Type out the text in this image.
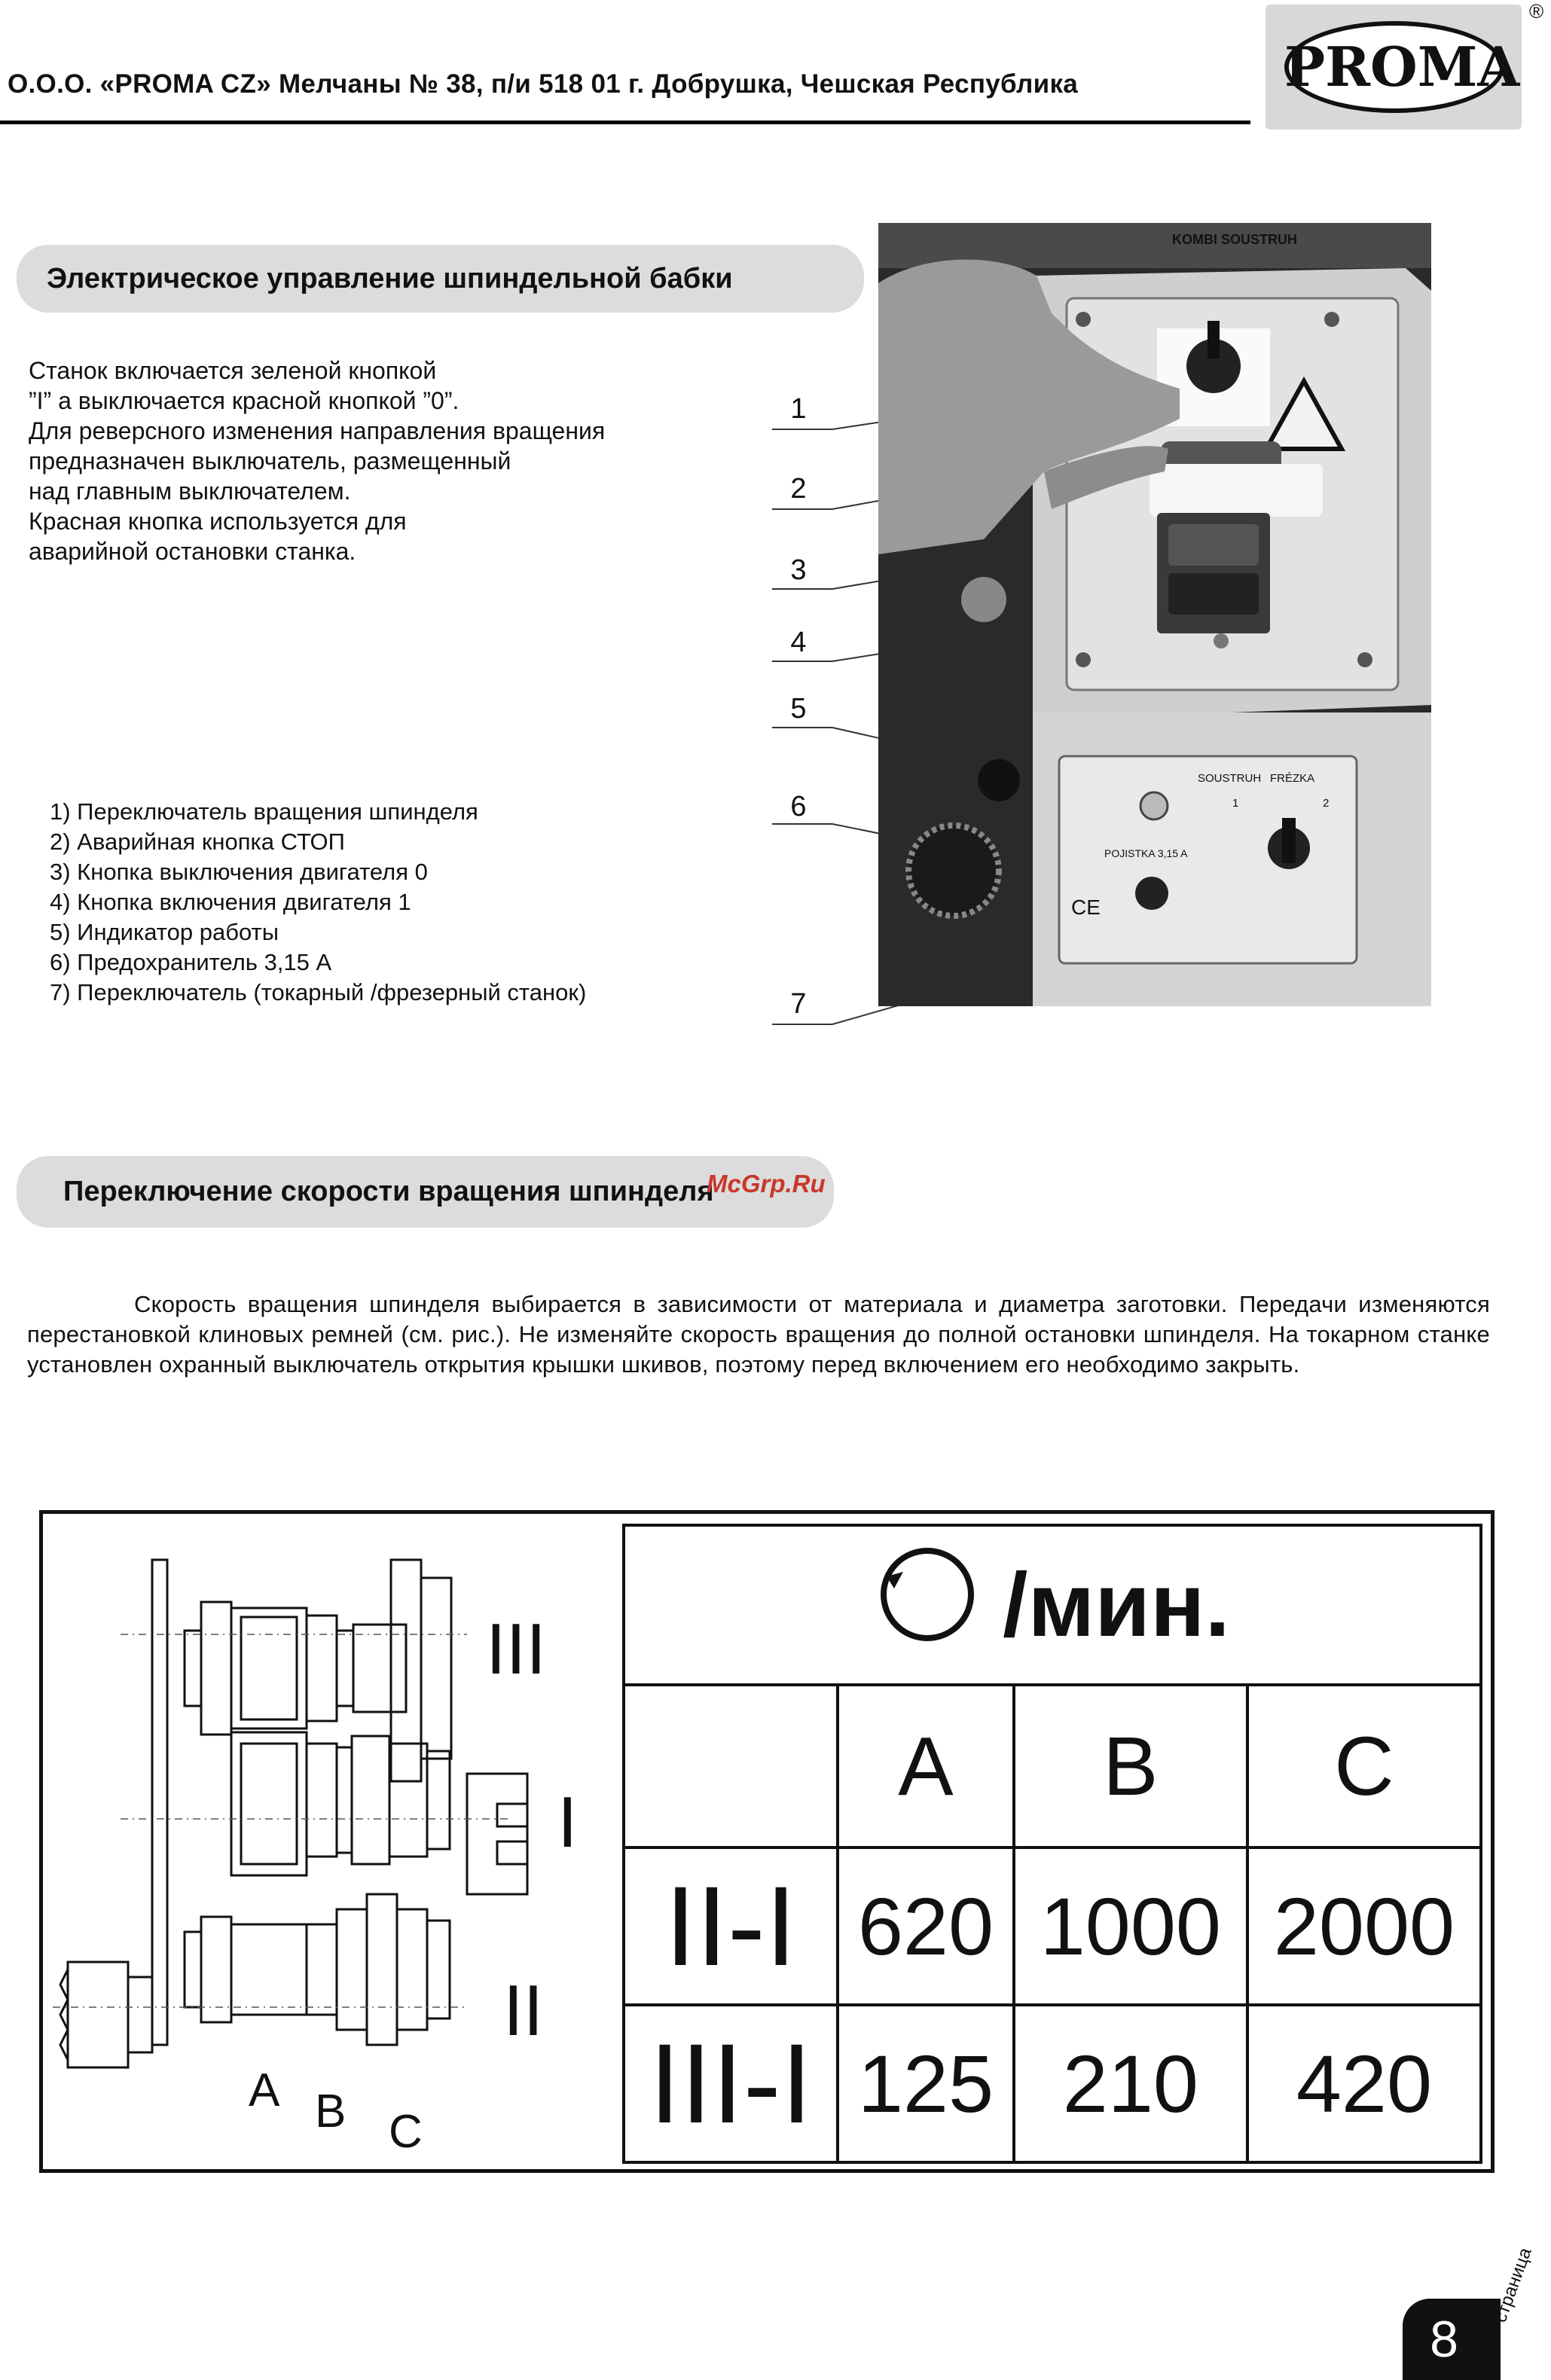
О.О.О. «PROMA CZ» Мелчаны № 38, п/и 518 01 г. Добрушка, Чешская Республика	PROMA
®
Электрическое управление шпиндельной бабки
Станок включается зеленой кнопкой
”I” а выключается красной кнопкой ”0”.
Для реверсного изменения направления вращения
предназначен выключатель, размещенный
над главным выключателем.
Красная кнопка используется для
аварийной остановки станка.
1) Переключатель вращения шпинделя
2) Аварийная кнопка СТОП
3) Кнопка выключения двигателя 0
4) Кнопка включения двигателя 1
5) Индикатор работы
6) Предохранитель 3,15 А
7) Переключатель (токарный /фрезерный станок)
1
2
3
4
5
6
7
SOUSTRUH FRÉZKA
1	2
POJISTKA 3,15 A
CE
KOMBI SOUSTRUH
Переключение скорости вращения шпинделя
McGrp.Ru
Скорость вращения шпинделя выбирается в зависимости от материала и диаметра заготовки. Передачи изменяются перестановкой клиновых ремней (см. рис.). Не изменяйте скорость вращения до полной остановки шпинделя. На токарном станке установлен охранный выключатель открытия крышки шкивов, поэтому перед включением его необходимо закрыть.
III
I
II
A B C
/мин.			
	A	B	C
II-I	620	1000	2000
III-I	125	210	420
8
страница
